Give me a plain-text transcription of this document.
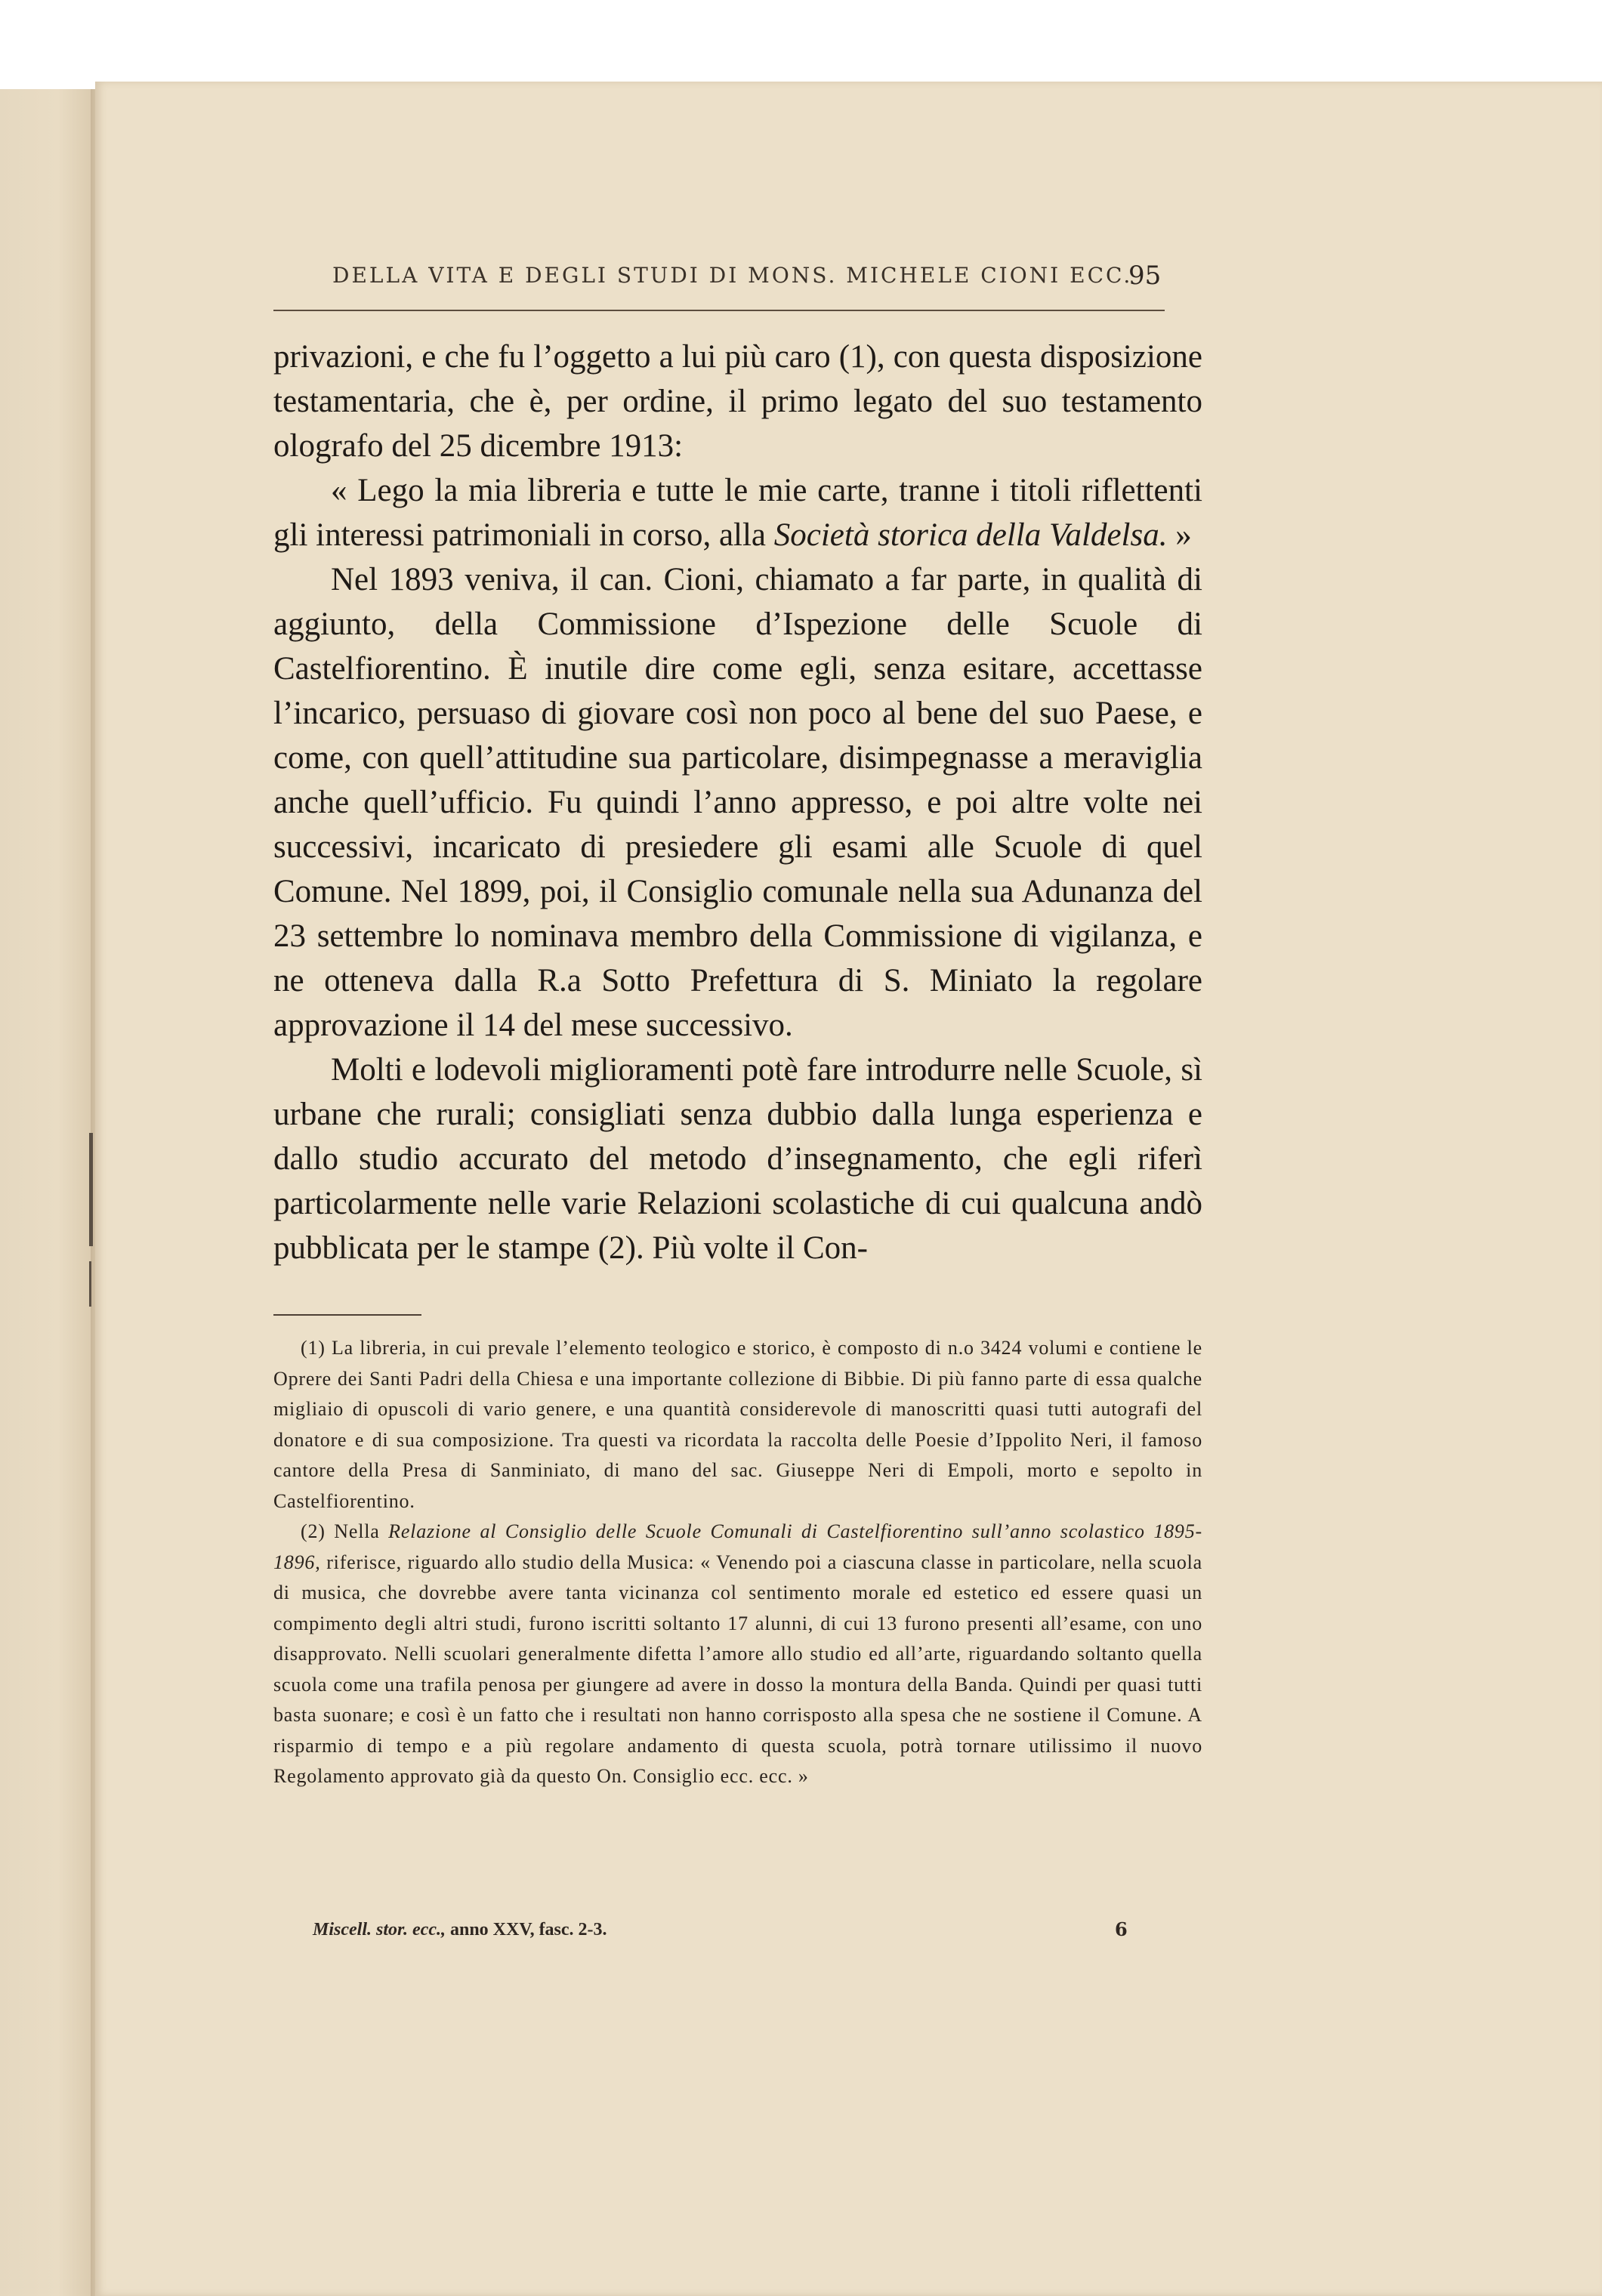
DELLA VITA E DEGLI STUDI DI MONS. MICHELE CIONI ECC.
95

privazioni, e che fu l’oggetto a lui più caro (1), con questa disposizione testamentaria, che è, per ordine, il primo legato del suo testamento olografo del 25 dicembre 1913:

« Lego la mia libreria e tutte le mie carte, tranne i titoli riflettenti gli interessi patrimoniali in corso, alla Società storica della Valdelsa. »

Nel 1893 veniva, il can. Cioni, chiamato a far parte, in qualità di aggiunto, della Commissione d’Ispezione delle Scuole di Castelfiorentino. È inutile dire come egli, senza esitare, accettasse l’incarico, persuaso di giovare così non poco al bene del suo Paese, e come, con quell’attitudine sua particolare, disimpegnasse a meraviglia anche quell’ufficio. Fu quindi l’anno appresso, e poi altre volte nei successivi, incaricato di presiedere gli esami alle Scuole di quel Comune. Nel 1899, poi, il Consiglio comunale nella sua Adunanza del 23 settembre lo nominava membro della Commissione di vigilanza, e ne otteneva dalla R.a Sotto Prefettura di S. Miniato la regolare approvazione il 14 del mese successivo.

Molti e lodevoli miglioramenti potè fare introdurre nelle Scuole, sì urbane che rurali; consigliati senza dubbio dalla lunga esperienza e dallo studio accurato del metodo d’insegnamento, che egli riferì particolarmente nelle varie Relazioni scolastiche di cui qualcuna andò pubblicata per le stampe (2). Più volte il Con-

(1) La libreria, in cui prevale l’elemento teologico e storico, è composto di n.o 3424 volumi e contiene le Oprere dei Santi Padri della Chiesa e una importante collezione di Bibbie. Di più fanno parte di essa qualche migliaio di opuscoli di vario genere, e una quantità considerevole di manoscritti quasi tutti autografi del donatore e di sua composizione. Tra questi va ricordata la raccolta delle Poesie d’Ippolito Neri, il famoso cantore della Presa di Sanminiato, di mano del sac. Giuseppe Neri di Empoli, morto e sepolto in Castelfiorentino.

(2) Nella Relazione al Consiglio delle Scuole Comunali di Castelfiorentino sull’anno scolastico 1895-1896, riferisce, riguardo allo studio della Musica: « Venendo poi a ciascuna classe in particolare, nella scuola di musica, che dovrebbe avere tanta vicinanza col sentimento morale ed estetico ed essere quasi un compimento degli altri studi, furono iscritti soltanto 17 alunni, di cui 13 furono presenti all’esame, con uno disapprovato. Nelli scuolari generalmente difetta l’amore allo studio ed all’arte, riguardando soltanto quella scuola come una trafila penosa per giungere ad avere in dosso la montura della Banda. Quindi per quasi tutti basta suonare; e così è un fatto che i resultati non hanno corrisposto alla spesa che ne sostiene il Comune. A risparmio di tempo e a più regolare andamento di questa scuola, potrà tornare utilissimo il nuovo Regolamento approvato già da questo On. Consiglio ecc. ecc. »

Miscell. stor. ecc., anno XXV, fasc. 2-3.	6
